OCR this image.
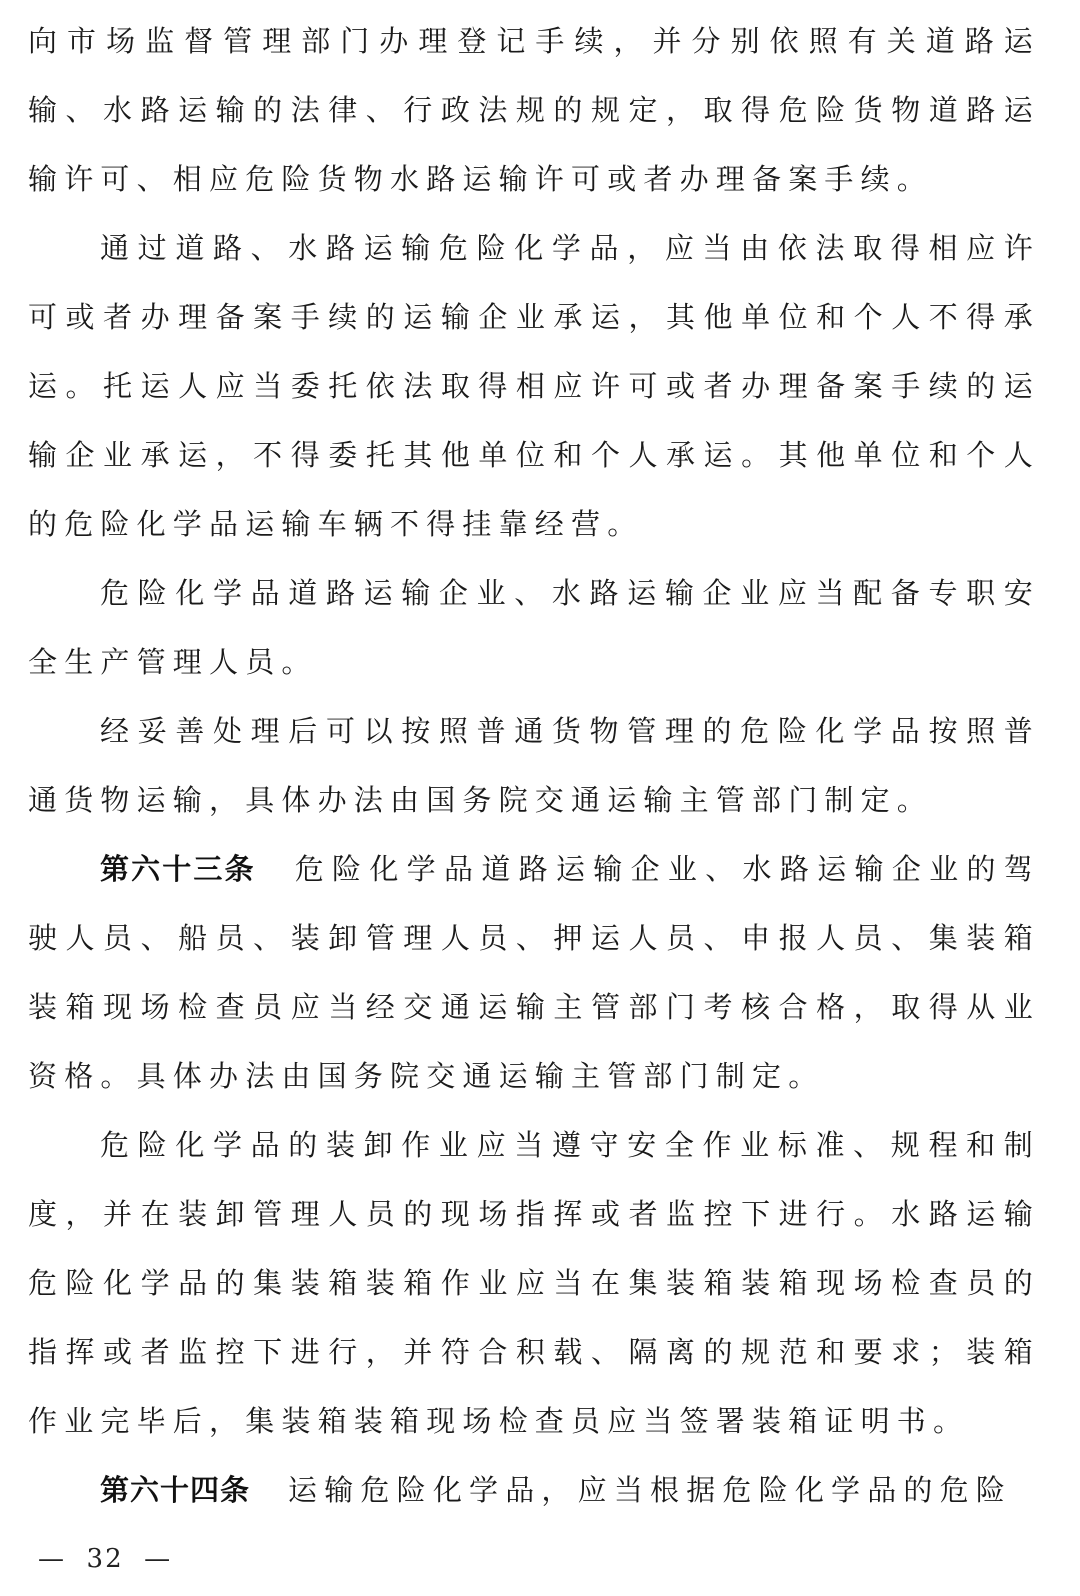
向市场监督管理部门办理登记手续，并分别依照有关道路运输、水路运输的法律、行政法规的规定，取得危险货物道路运输许可、相应危险货物水路运输许可或者办理备案手续。

通过道路、水路运输危险化学品，应当由依法取得相应许可或者办理备案手续的运输企业承运，其他单位和个人不得承运。托运人应当委托依法取得相应许可或者办理备案手续的运输企业承运，不得委托其他单位和个人承运。其他单位和个人的危险化学品运输车辆不得挂靠经营。

危险化学品道路运输企业、水路运输企业应当配备专职安全生产管理人员。

经妥善处理后可以按照普通货物管理的危险化学品按照普通货物运输，具体办法由国务院交通运输主管部门制定。

第六十三条 危险化学品道路运输企业、水路运输企业的驾驶人员、船员、装卸管理人员、押运人员、申报人员、集装箱装箱现场检查员应当经交通运输主管部门考核合格，取得从业资格。具体办法由国务院交通运输主管部门制定。

危险化学品的装卸作业应当遵守安全作业标准、规程和制度，并在装卸管理人员的现场指挥或者监控下进行。水路运输危险化学品的集装箱装箱作业应当在集装箱装箱现场检查员的指挥或者监控下进行，并符合积载、隔离的规范和要求；装箱作业完毕后，集装箱装箱现场检查员应当签署装箱证明书。

第六十四条 运输危险化学品，应当根据危险化学品的危险

—  32  —
